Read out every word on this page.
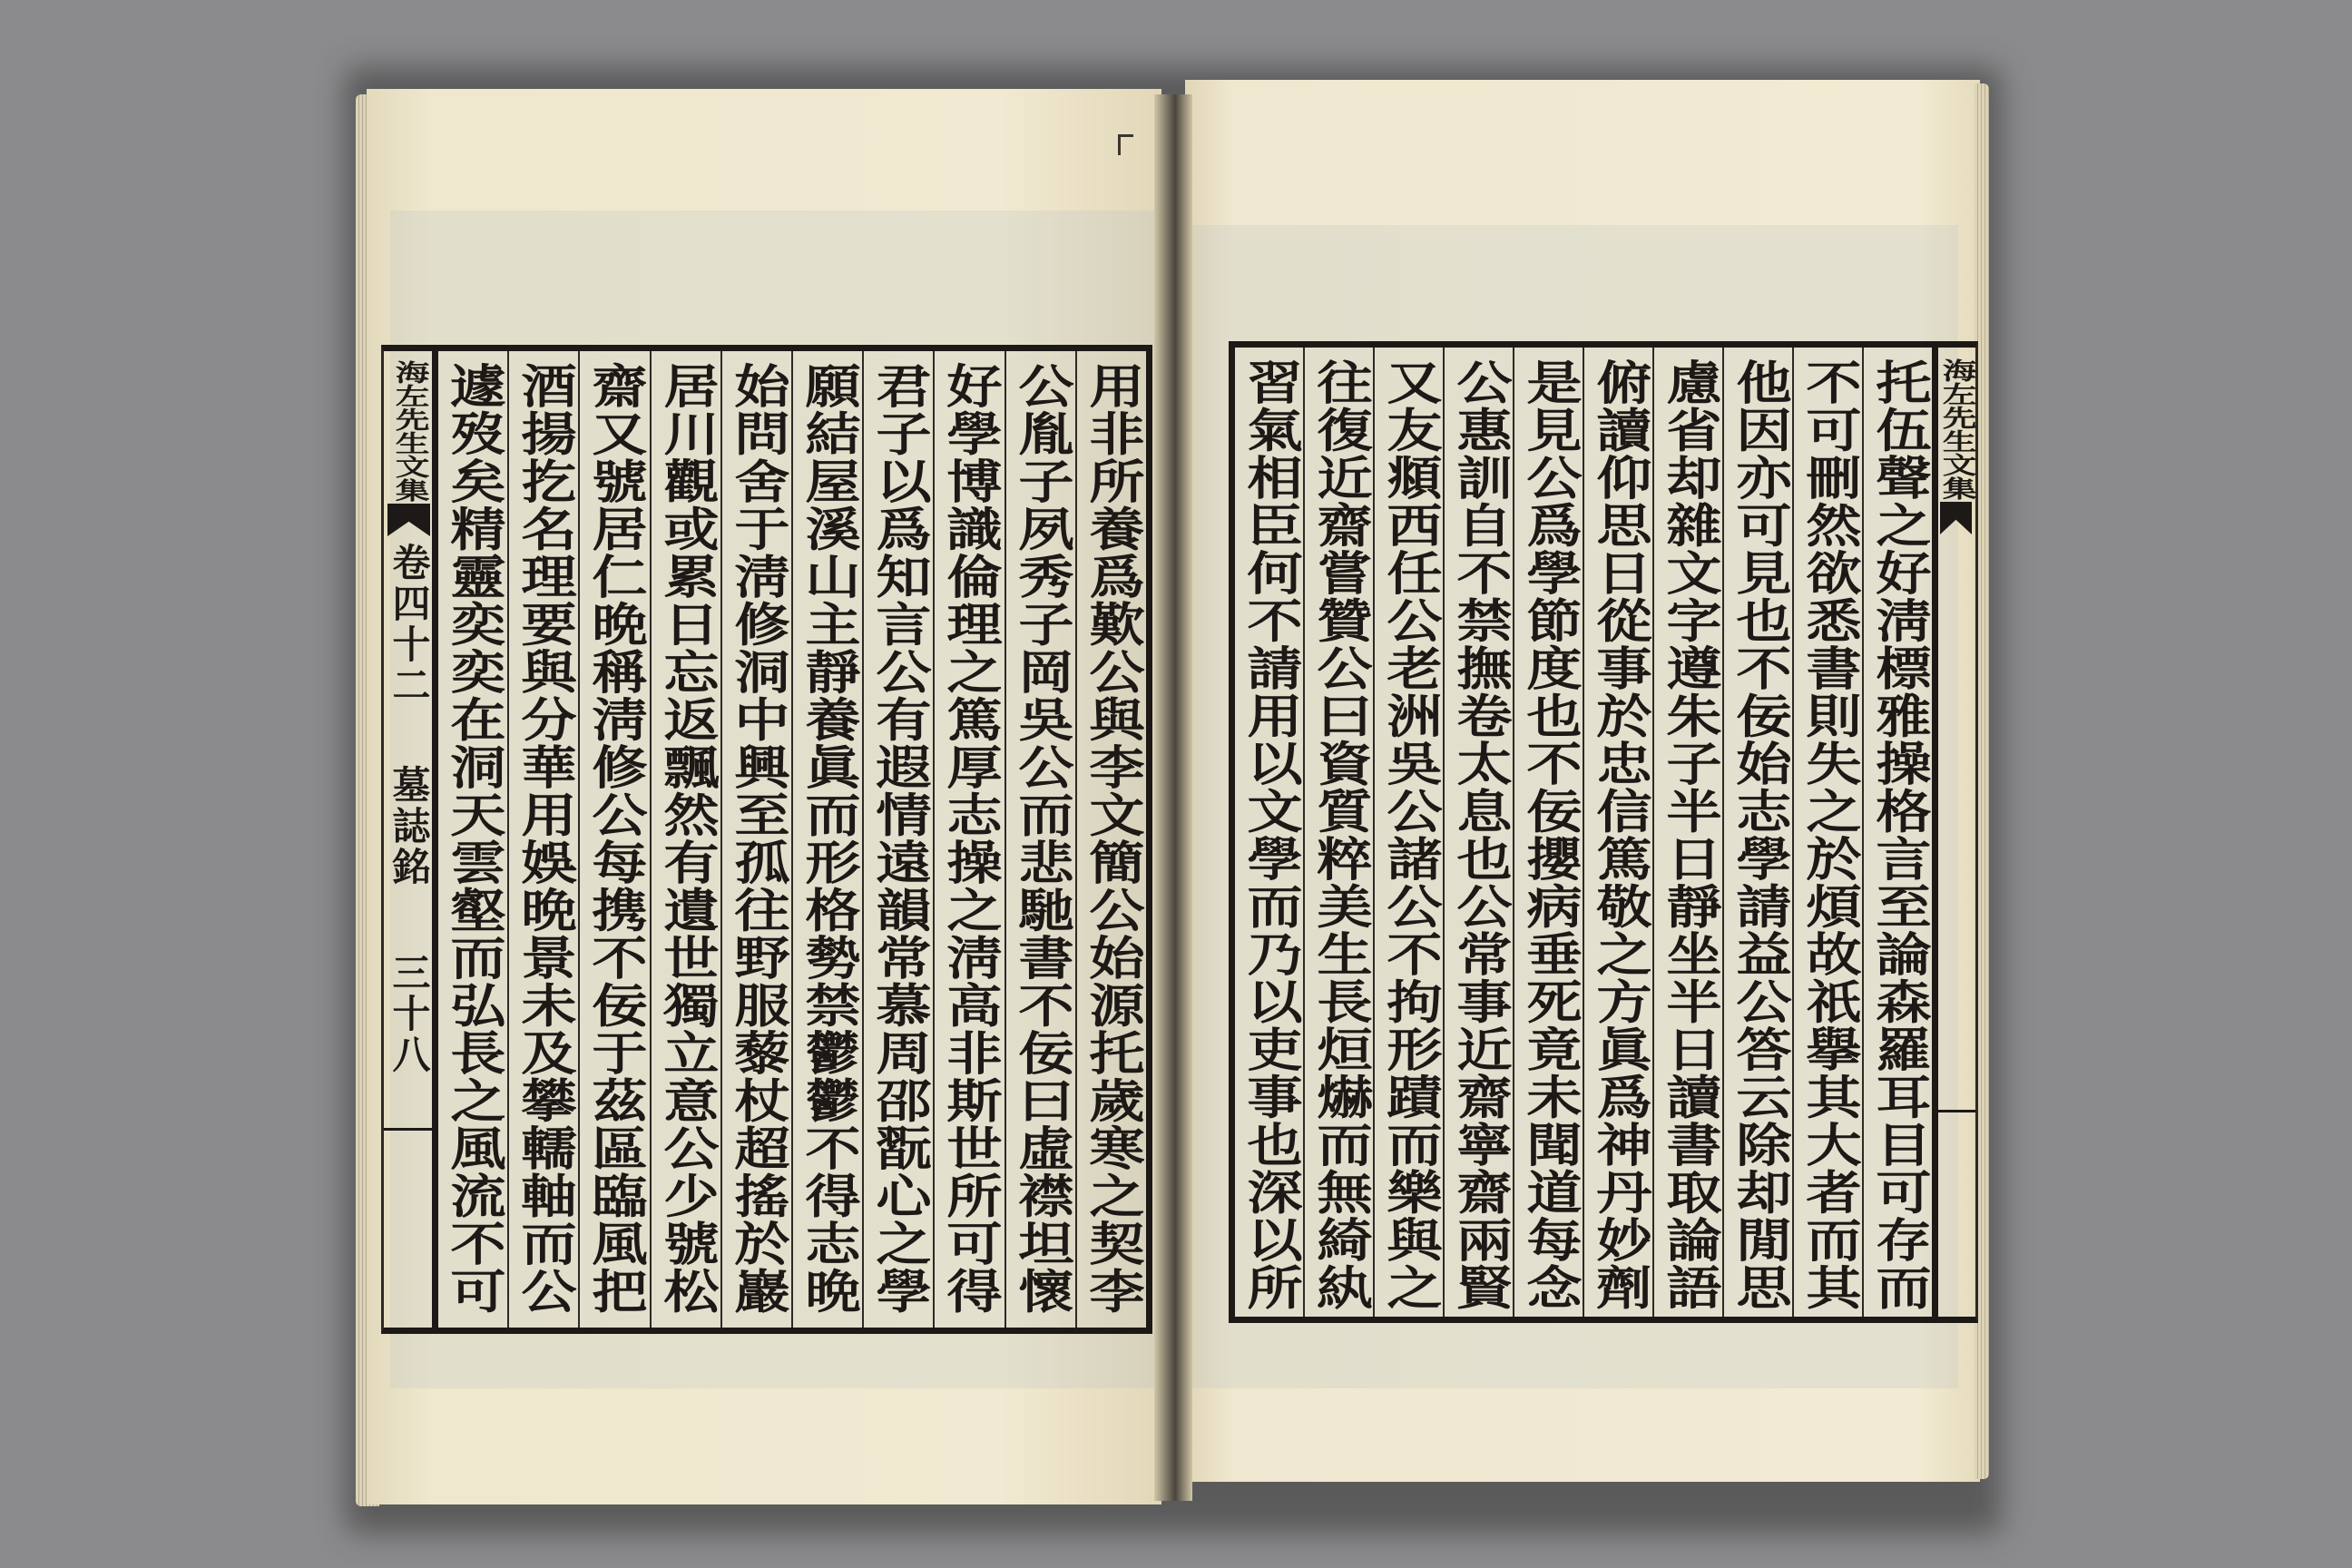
海左先生文集
卷四十二
墓誌銘
三十八	用非所養爲歎公與李文簡公始源托歲寒之契李
公胤子夙秀子岡吳公而悲馳書不佞曰虛襟坦懷
好學博識倫理之篤厚志操之淸高非斯世所可得
君子以爲知言公有遐情遠韻常慕周邵翫心之學
願結屋溪山主靜養眞而形格勢禁鬱鬱不得志晩
始問舍于淸修洞中興至孤往野服藜杖超搖於巖
居川觀或累日忘返飄然有遺世獨立意公少號松
齋又號居仁晩稱淸修公每携不佞于茲區臨風把
酒揚扢名理要與分華用娛晩景未及攀轜軸而公
遽歿矣精靈奕奕在洞天雲壑而弘長之風流不可	托伍聲之好淸標雅操格言至論森羅耳目可存而
不可刪然欲悉書則失之於煩故祇擧其大者而其
他因亦可見也不佞始志學請益公答云除却閒思
慮省却雜文字遵朱子半日靜坐半日讀書取論語
俯讀仰思日從事於忠信篤敬之方眞爲神丹妙劑
是見公爲學節度也不佞攖病垂死竟未聞道每念
公惠訓自不禁撫卷太息也公常事近齋寧齋兩賢
又友頫西任公老洲吳公諸公不拘形蹟而樂與之
往復近齋嘗贊公曰資質粹美生長烜爀而無綺紈
習氣相臣何不請用以文學而乃以吏事也深以所	海左先生文集
